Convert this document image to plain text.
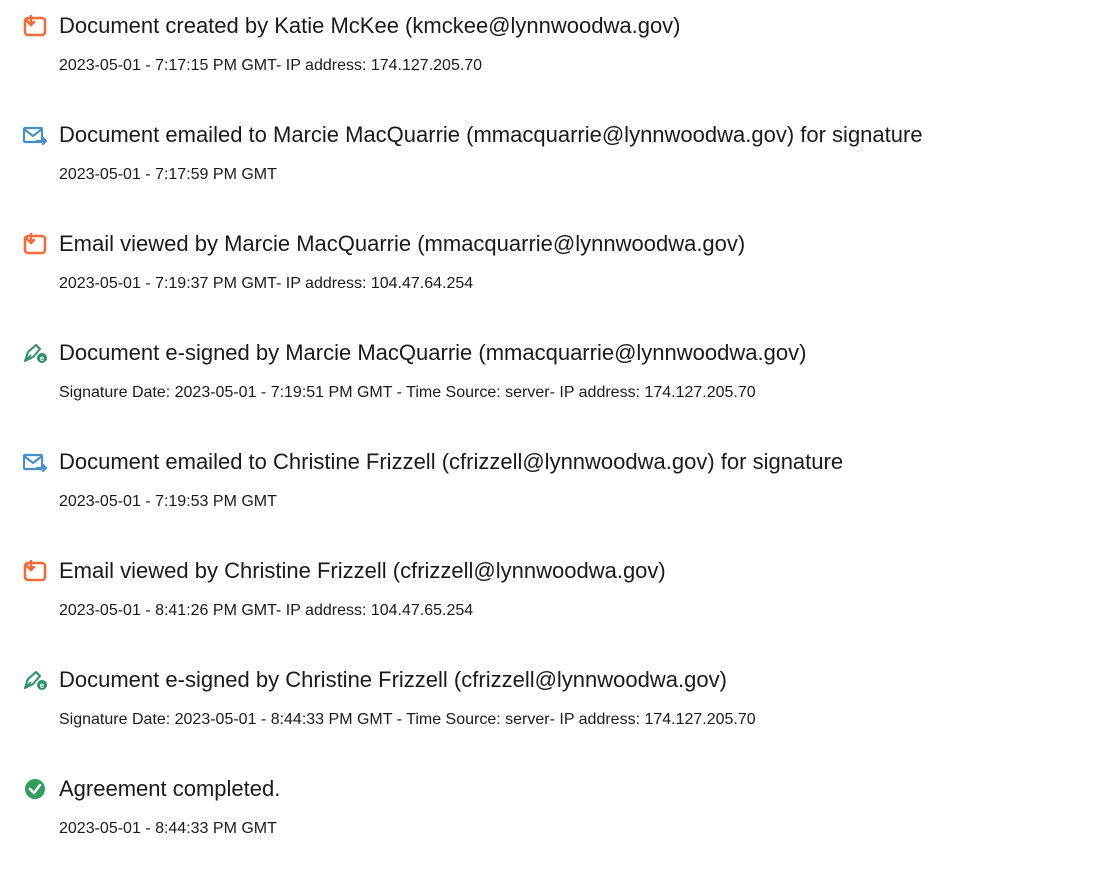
Document created by Katie McKee (kmckee@lynnwoodwa.gov)
2023-05-01 - 7:17:15 PM GMT- IP address: 174.127.205.70
Document emailed to Marcie MacQuarrie (mmacquarrie@lynnwoodwa.gov) for signature
2023-05-01 - 7:17:59 PM GMT
Email viewed by Marcie MacQuarrie (mmacquarrie@lynnwoodwa.gov)
2023-05-01 - 7:19:37 PM GMT- IP address: 104.47.64.254
e Document e-signed by Marcie MacQuarrie (mmacquarrie@lynnwoodwa.gov)
Signature Date: 2023-05-01 - 7:19:51 PM GMT - Time Source: server- IP address: 174.127.205.70
Document emailed to Christine Frizzell (cfrizzell@lynnwoodwa.gov) for signature
2023-05-01 - 7:19:53 PM GMT
Email viewed by Christine Frizzell (cfrizzell@lynnwoodwa.gov)
2023-05-01 - 8:41:26 PM GMT- IP address: 104.47.65.254
e Document e-signed by Christine Frizzell (cfrizzell@lynnwoodwa.gov)
Signature Date: 2023-05-01 - 8:44:33 PM GMT - Time Source: server- IP address: 174.127.205.70
Agreement completed.
2023-05-01 - 8:44:33 PM GMT
